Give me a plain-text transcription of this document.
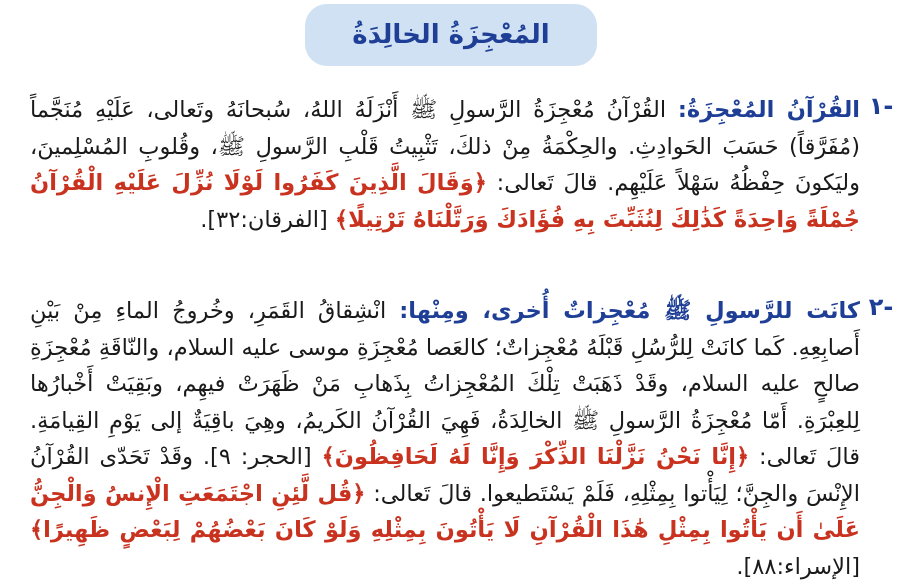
المُعْجِزَةُ الخالِدَةُ
-١

القُرْآنُ المُعْجِزَةُ: القُرْآنُ مُعْجِزَةُ الرَّسولِ ﷺ أَنْزَلَهُ اللهُ، سُبحانَهُ وتَعالى، عَلَيْهِ مُنَجَّماً (مُفَرَّقاً) حَسَبَ الحَوادِثِ. والحِكْمَةُ مِنْ ذلكَ، تَثْبِيتُ قَلْبِ الرَّسولِ ﷺ، وقُلوبِ المُسْلِمينَ، وليَكونَ حِفْظُهُ سَهْلاً عَلَيْهِم. قالَ تَعالى: ﴿وَقَالَ الَّذِينَ كَفَرُوا لَوْلَا نُزِّلَ عَلَيْهِ الْقُرْآنُ جُمْلَةً وَاحِدَةً كَذَٰلِكَ لِنُثَبِّتَ بِهِ فُؤَادَكَ وَرَتَّلْنَاهُ تَرْتِيلًا﴾ [الفرقان:٣٢].

-٢

كانَت للرَّسولِ ﷺ مُعْجِزاتٌ أُخرى، ومِنْها: انْشِقاقُ القَمَرِ، وخُروجُ الماءِ مِنْ بَيْنِ أَصابِعِهِ. كَما كانَتْ لِلرُّسُلِ قَبْلَهُ مُعْجِزاتٌ؛ كالعَصا مُعْجِزَةِ موسى عليه السلام، والنّاقَةِ مُعْجِزَةِ صالحٍ عليه السلام، وقَدْ ذَهَبَتْ تِلْكَ المُعْجِزاتُ بِذَهابِ مَنْ ظَهَرَتْ فيهِم، وبَقِيَتْ أَخْبارُها لِلعِبْرَةِ. أَمّا مُعْجِزَةُ الرَّسولِ ﷺ الخالِدَةُ، فَهِيَ القُرْآنُ الكَريمُ، وهِيَ باقِيَةٌ إلى يَوْمِ القِيامَةِ. قالَ تَعالى: ﴿إِنَّا نَحْنُ نَزَّلْنَا الذِّكْرَ وَإِنَّا لَهُ لَحَافِظُونَ﴾ [الحجر: ٩]. وقَدْ تَحَدّى القُرْآنُ الإِنْسَ والجِنَّ؛ لِيَأْتوا بِمِثْلِهِ، فَلَمْ يَسْتَطيعوا. قالَ تَعالى: ﴿قُل لَّئِنِ اجْتَمَعَتِ الْإِنسُ وَالْجِنُّ عَلَىٰ أَن يَأْتُوا بِمِثْلِ هَٰذَا الْقُرْآنِ لَا يَأْتُونَ بِمِثْلِهِ وَلَوْ كَانَ بَعْضُهُمْ لِبَعْضٍ ظَهِيرًا﴾ [الإسراء:٨٨].
